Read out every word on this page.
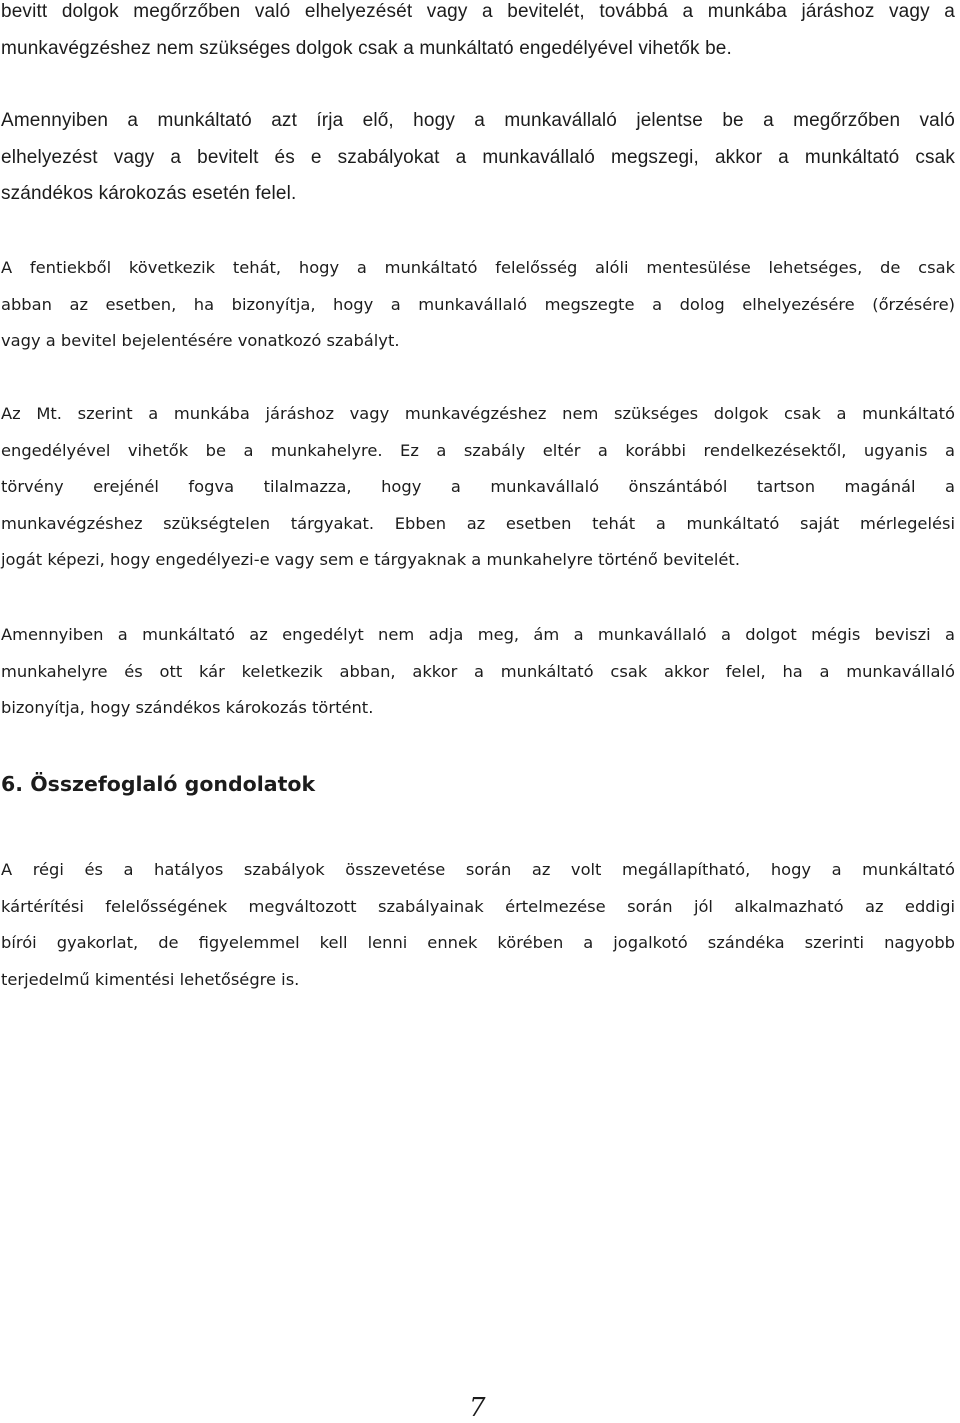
bevitt dolgok megőrzőben való elhelyezését vagy a bevitelét, továbbá a munkába járáshoz vagy a
munkavégzéshez nem szükséges dolgok csak a munkáltató engedélyével vihetők be.

Amennyiben a munkáltató azt írja elő, hogy a munkavállaló jelentse be a megőrzőben való
elhelyezést vagy a bevitelt és e szabályokat a munkavállaló megszegi, akkor a munkáltató csak
szándékos károkozás esetén felel.

A fentiekből következik tehát, hogy a munkáltató felelősség alóli mentesülése lehetséges, de csak
abban az esetben, ha bizonyítja, hogy a munkavállaló megszegte a dolog elhelyezésére (őrzésére)
vagy a bevitel bejelentésére vonatkozó szabályt.

Az Mt. szerint a munkába járáshoz vagy munkavégzéshez nem szükséges dolgok csak a munkáltató
engedélyével vihetők be a munkahelyre. Ez a szabály eltér a korábbi rendelkezésektől, ugyanis a
törvény erejénél fogva tilalmazza, hogy a munkavállaló önszántából tartson magánál a
munkavégzéshez szükségtelen tárgyakat. Ebben az esetben tehát a munkáltató saját mérlegelési
jogát képezi, hogy engedélyezi-e vagy sem e tárgyaknak a munkahelyre történő bevitelét.

Amennyiben a munkáltató az engedélyt nem adja meg, ám a munkavállaló a dolgot mégis beviszi a
munkahelyre és ott kár keletkezik abban, akkor a munkáltató csak akkor felel, ha a munkavállaló
bizonyítja, hogy szándékos károkozás történt.

6. Összefoglaló gondolatok

A régi és a hatályos szabályok összevetése során az volt megállapítható, hogy a munkáltató
kártérítési felelősségének megváltozott szabályainak értelmezése során jól alkalmazható az eddigi
bírói gyakorlat, de figyelemmel kell lenni ennek körében a jogalkotó szándéka szerinti nagyobb
terjedelmű kimentési lehetőségre is.

7
